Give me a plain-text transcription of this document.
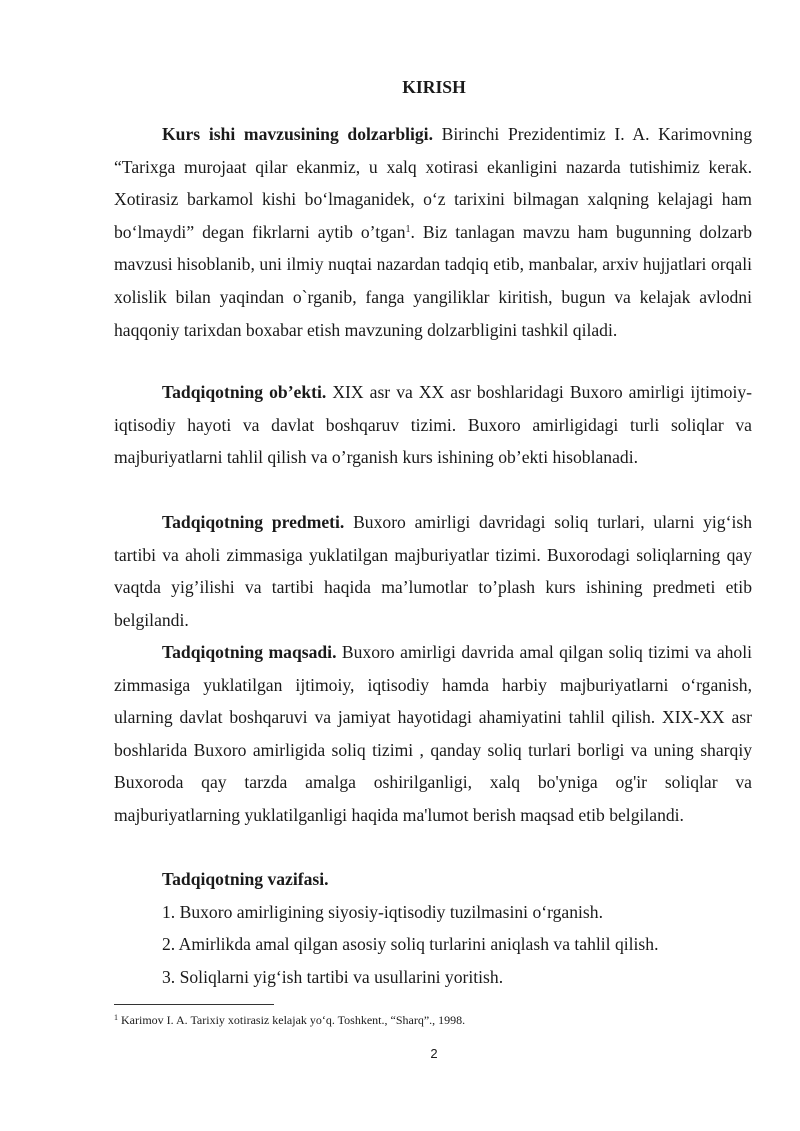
KIRISH

Kurs ishi mavzusining dolzarbligi. Birinchi Prezidentimiz I. A. Karimovning “Tarixga murojaat qilar ekanmiz, u xalq xotirasi ekanligini nazarda tutishimiz kerak. Xotirasiz barkamol kishi bo‘lmaganidek, o‘z tarixini bilmagan xalqning kelajagi ham bo‘lmaydi” degan fikrlarni aytib o’tgan$^1$. Biz tanlagan mavzu ham bugunning dolzarb mavzusi hisoblanib, uni ilmiy nuqtai nazardan tadqiq etib, manbalar, arxiv hujjatlari orqali xolislik bilan yaqindan o`rganib, fanga yangiliklar kiritish, bugun va kelajak avlodni haqqoniy tarixdan boxabar etish mavzuning dolzarbligini tashkil qiladi.

Tadqiqotning ob’ekti. XIX asr va XX asr boshlaridagi Buxoro amirligi ijtimoiy-iqtisodiy hayoti va davlat boshqaruv tizimi. Buxoro amirligidagi turli soliqlar va majburiyatlarni tahlil qilish va o’rganish kurs ishining ob’ekti hisoblanadi.

Tadqiqotning predmeti. Buxoro amirligi davridagi soliq turlari, ularni yig‘ish tartibi va aholi zimmasiga yuklatilgan majburiyatlar tizimi. Buxorodagi soliqlarning qay vaqtda yig’ilishi va tartibi haqida ma’lumotlar to’plash kurs ishining predmeti etib belgilandi.

Tadqiqotning maqsadi. Buxoro amirligi davrida amal qilgan soliq tizimi va aholi zimmasiga yuklatilgan ijtimoiy, iqtisodiy hamda harbiy majburiyatlarni o‘rganish, ularning davlat boshqaruvi va jamiyat hayotidagi ahamiyatini tahlil qilish. XIX-XX asr boshlarida Buxoro amirligida soliq tizimi , qanday soliq turlari borligi va uning sharqiy Buxoroda qay tarzda amalga oshirilganligi, xalq bo'yniga og'ir soliqlar va majburiyatlarning yuklatilganligi haqida ma'lumot berish maqsad etib belgilandi.

Tadqiqotning vazifasi.

1. Buxoro amirligining siyosiy-iqtisodiy tuzilmasini o‘rganish.
2. Amirlikda amal qilgan asosiy soliq turlarini aniqlash va tahlil qilish.
3. Soliqlarni yig‘ish tartibi va usullarini yoritish.
$^1$ Karimov I. A. Tarixiy xotirasiz kelajak yo‘q. Toshkent., “Sharq”., 1998.
2
